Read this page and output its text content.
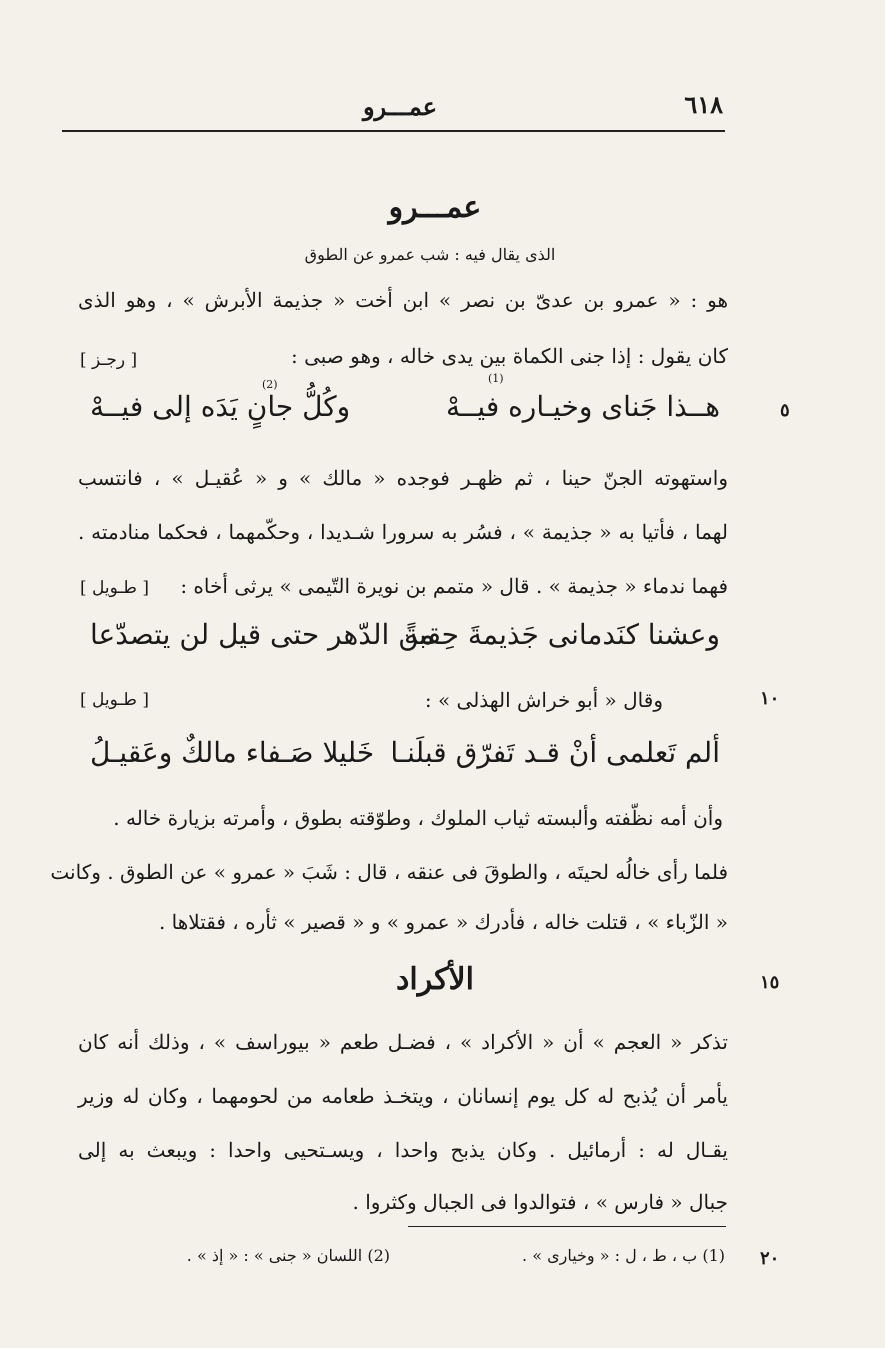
٦١٨
عمـــرو
عمـــرو
الذى يقال فيه : شب عمرو عن الطوق
هو : « عمرو بن عدىّ بن نصر » ابن أخت « جذيمة الأبرش » ، وهو الذى
كان يقول : إذا جنى الكماة بين يدى خاله ، وهو صبى :
[ رجـز ]
(1)
(2)
هــذا جَناى وخيـاره فيــهْ
وكُلُّ جانٍ يَدَه إلى فيــهْ
واستهوته الجنّ حينا ، ثم ظهـر فوجده « مالك » و « عُقيـل » ، فانتسب
لهما ، فأتيا به « جذيمة » ، فسُر به سرورا شـديدا ، وحكّمهما ، فحكما منادمته .
فهما ندماء « جذيمة » . قال « متمم بن نويرة التّيمى » يرثى أخاه :
[ طـويل ]
وعشنا كنَدمانى جَذيمةَ حِقبةً
من الدّهر حتى قيل لن يتصدّعا
وقال « أبو خراش الهذلى » :
[ طـويل ]
ألم تَعلمى أنْ قـد تَفرّق قبلَنـا
خَليلا صَـفاء مالكٌ وعَقيـلُ
وأن أمه نظّفته وألبسته ثياب الملوك ، وطوّقته بطوق ، وأمرته بزيارة خاله .
فلما رأى خالُه لحيتَه ، والطوقَ فى عنقه ، قال : شَبَ « عمرو » عن الطوق . وكانت
« الزّباء » ، قتلت خاله ، فأدرك « عمرو » و « قصير » ثأره ، فقتلاها .
الأكراد
تذكر « العجم » أن « الأكراد » ، فضـل طعم « بيوراسف » ، وذلك أنه كان
يأمر أن يُذبح له كل يوم إنسانان ، ويتخـذ طعامه من لحومهما ، وكان له وزير
يقـال له : أرمائيل . وكان يذبح واحدا ، ويسـتحيى واحدا : ويبعث به إلى
جبال « فارس » ، فتوالدوا فى الجبال وكثروا .
٥
١٠
١٥
٢٠
(1) ب ، ط ، ل : « وخيارى » .
(2) اللسان « جنى » : « إذ » .
